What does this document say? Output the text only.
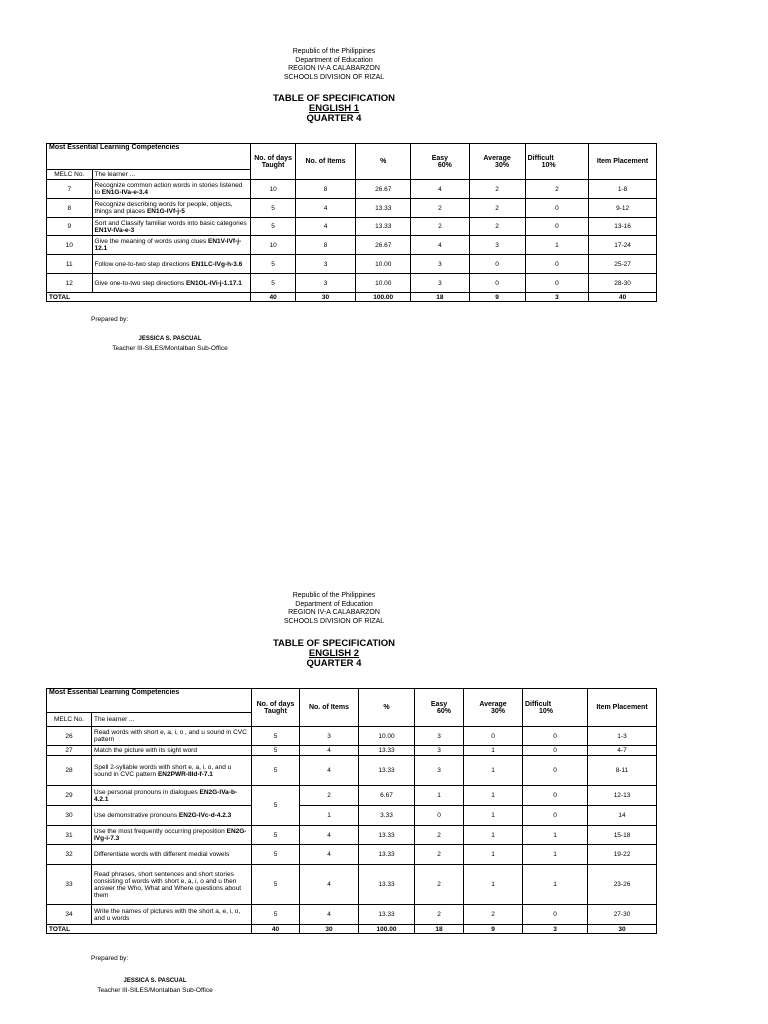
Republic of the Philippines
Department of Education
REGION IV-A CALABARZON
SCHOOLS DIVISION OF RIZAL
TABLE OF SPECIFICATION
ENGLISH 1
QUARTER 4
Most Essential Learning Competencies		No. of days Taught	No. of Items	%	Easy
60%	Average
30%	Difficult
10%	Item Placement
MELC No.	The learner ...							
7	Recognize common action words in stories listened to EN1G-IVa-e-3.4	10	8	26.67	4	2	2	1-8
8	Recognize describing words for people, objects, things and places EN1G-IVf-j-5	5	4	13.33	2	2	0	9-12
9	Sort and Classify familiar words into basic categories EN1V-IVa-e-3	5	4	13.33	2	2	0	13-16
10	Give the meaning of words using clues EN1V-IVf-j-12.1	10	8	26.67	4	3	1	17-24
11	Follow one-to-two step directions EN1LC-IVg-h-3.6	5	3	10.00	3	0	0	25-27
12	Give one-to-two step directions EN1OL-IVi-j-1.17.1	5	3	10.00	3	0	0	28-30
TOTAL		40	30	100.00	18	9	3	40
Prepared by:
JESSICA S. PASCUAL
Teacher III-SILES/Montalban Sub-Office
Republic of the Philippines
Department of Education
REGION IV-A CALABARZON
SCHOOLS DIVISION OF RIZAL
TABLE OF SPECIFICATION
ENGLISH 2
QUARTER 4
Most Essential Learning Competencies		No. of days Taught	No. of Items	%	Easy
60%	Average
30%	Difficult
10%	Item Placement
MELC No.	The learner ...							
26	Read words with short e, a, i, o , and u sound in CVC pattern	5	3	10.00	3	0	0	1-3
27	Match the picture with its sight word	5	4	13.33	3	1	0	4-7
28	Spell 2-syllable words with short e, a, i, o, and u sound in CVC pattern EN2PWR-IIId-f-7.1	5	4	13.33	3	1	0	8-11
29	Use personal pronouns in dialogues EN2G-IVa-b-4.2.1	5	2	6.67	1	1	0	12-13
30	Use demonstrative pronouns EN2G-IVc-d-4.2.3		1	3.33	0	1	0	14
31	Use the most frequently occurring preposition EN2G-IVg-i-7.3	5	4	13.33	2	1	1	15-18
32	Differentiate words with different medial vowels	5	4	13.33	2	1	1	19-22
33	Read phrases, short sentences and short stories consisting of words with short e, a, i, o and u then answer the Who, What and Where questions about them	5	4	13.33	2	1	1	23-26
34	Write the names of pictures with the short a, e, i, o, and u words	5	4	13.33	2	2	0	27-30
TOTAL		40	30	100.00	18	9	3	30
Prepared by:
JESSICA S. PASCUAL
Teacher III-SILES/Montalban Sub-Office
